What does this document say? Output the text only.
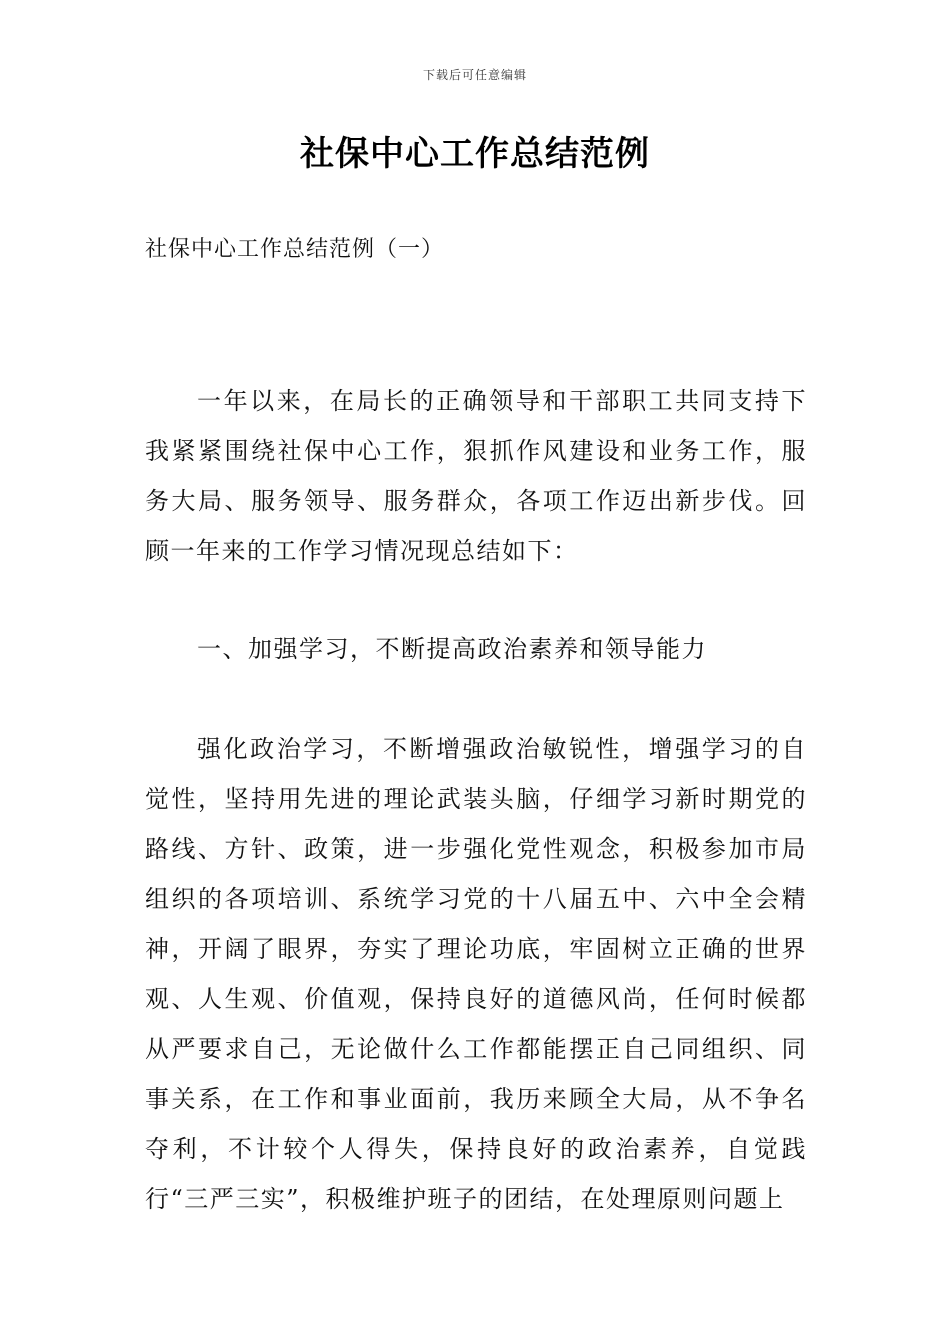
下载后可任意编辑
社保中心工作总结范例
社保中心工作总结范例（一）

一年以来，在局长的正确领导和干部职工共同支持下我紧紧围绕社保中心工作，狠抓作风建设和业务工作，服务大局、服务领导、服务群众，各项工作迈出新步伐。回顾一年来的工作学习情况现总结如下：

一、加强学习，不断提高政治素养和领导能力

强化政治学习，不断增强政治敏锐性，增强学习的自觉性，坚持用先进的理论武装头脑，仔细学习新时期党的路线、方针、政策，进一步强化党性观念，积极参加市局组织的各项培训、系统学习党的十八届五中、六中全会精神，开阔了眼界，夯实了理论功底，牢固树立正确的世界观、人生观、价值观，保持良好的道德风尚，任何时候都从严要求自己，无论做什么工作都能摆正自己同组织、同事关系，在工作和事业面前，我历来顾全大局，从不争名夺利，不计较个人得失，保持良好的政治素养，自觉践行“三严三实”，积极维护班子的团结，在处理原则问题上
